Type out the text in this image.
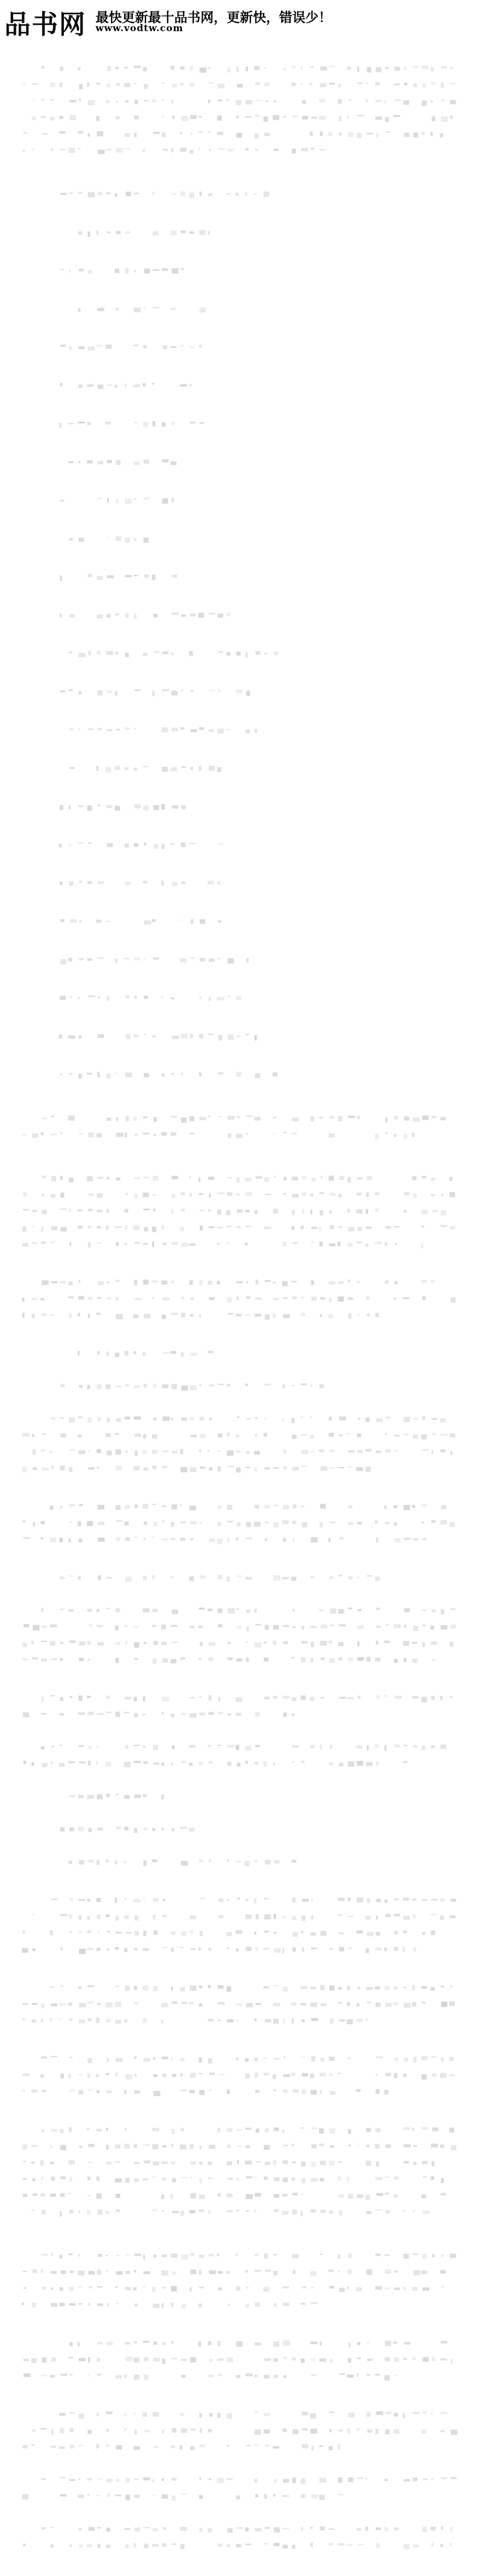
品书网 最快更新最十品书网，更新快，错误少！
www.vodtw.com
